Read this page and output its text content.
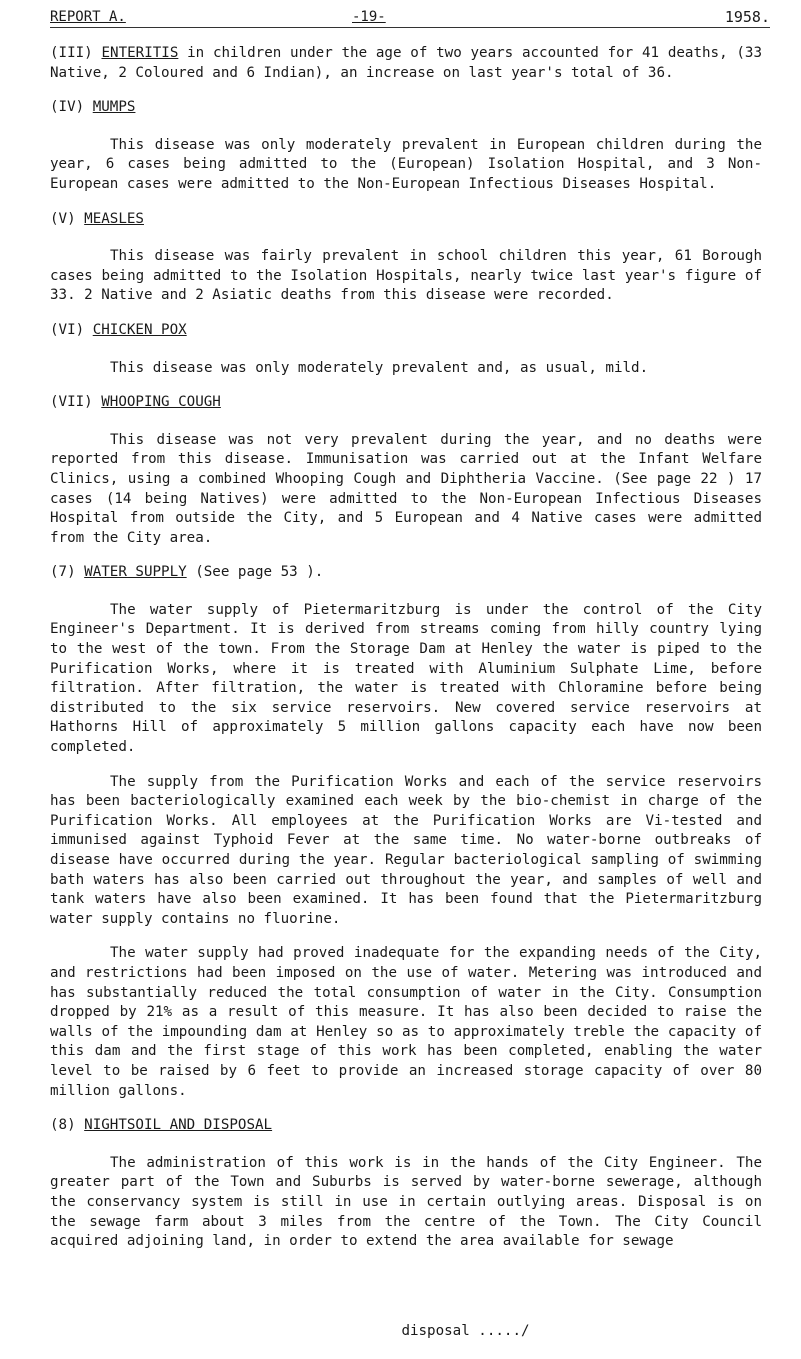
REPORT A.	-19-	1958.

(III) ENTERITIS in children under the age of two years accounted for 41 deaths, (33 Native, 2 Coloured and 6 Indian), an increase on last year's total of 36.

(IV) MUMPS

This disease was only moderately prevalent in European children during the year, 6 cases being admitted to the (European) Isolation Hospital, and 3 Non-European cases were admitted to the Non-European Infectious Diseases Hospital.

(V) MEASLES

This disease was fairly prevalent in school children this year, 61 Borough cases being admitted to the Isolation Hospitals, nearly twice last year's figure of 33. 2 Native and 2 Asiatic deaths from this disease were recorded.

(VI) CHICKEN POX

This disease was only moderately prevalent and, as usual, mild.

(VII) WHOOPING COUGH

This disease was not very prevalent during the year, and no deaths were reported from this disease. Immunisation was carried out at the Infant Welfare Clinics, using a combined Whooping Cough and Diphtheria Vaccine. (See page 22 ) 17 cases (14 being Natives) were admitted to the Non-European Infectious Diseases Hospital from outside the City, and 5 European and 4 Native cases were admitted from the City area.

(7) WATER SUPPLY (See page 53 ).

The water supply of Pietermaritzburg is under the control of the City Engineer's Department. It is derived from streams coming from hilly country lying to the west of the town. From the Storage Dam at Henley the water is piped to the Purification Works, where it is treated with Aluminium Sulphate Lime, before filtration. After filtration, the water is treated with Chloramine before being distributed to the six service reservoirs. New covered service reservoirs at Hathorns Hill of approximately 5 million gallons capacity each have now been completed.

The supply from the Purification Works and each of the service reservoirs has been bacteriologically examined each week by the bio-chemist in charge of the Purification Works. All employees at the Purification Works are Vi-tested and immunised against Typhoid Fever at the same time. No water-borne outbreaks of disease have occurred during the year. Regular bacteriological sampling of swimming bath waters has also been carried out throughout the year, and samples of well and tank waters have also been examined. It has been found that the Pietermaritzburg water supply contains no fluorine.

The water supply had proved inadequate for the expanding needs of the City, and restrictions had been imposed on the use of water. Metering was introduced and has substantially reduced the total consumption of water in the City. Consumption dropped by 21% as a result of this measure. It has also been decided to raise the walls of the impounding dam at Henley so as to approximately treble the capacity of this dam and the first stage of this work has been completed, enabling the water level to be raised by 6 feet to provide an increased storage capacity of over 80 million gallons.

(8) NIGHTSOIL AND DISPOSAL

The administration of this work is in the hands of the City Engineer. The greater part of the Town and Suburbs is served by water-borne sewerage, although the conservancy system is still in use in certain outlying areas. Disposal is on the sewage farm about 3 miles from the centre of the Town. The City Council acquired adjoining land, in order to extend the area available for sewage

disposal ...../
